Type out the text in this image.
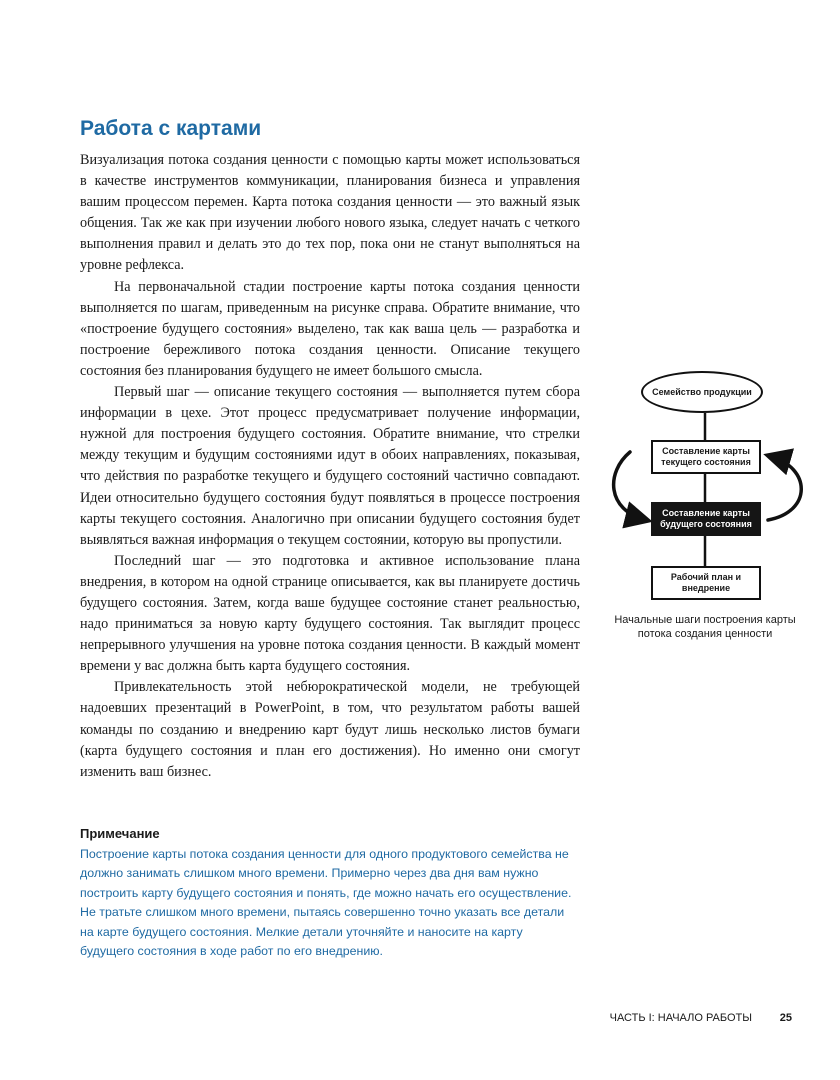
Работа с картами

Визуализация потока создания ценности с помощью карты может использоваться в качестве инструментов коммуникации, планирования бизнеса и управления вашим процессом перемен. Карта потока создания ценности — это важный язык общения. Так же как при изучении любого нового языка, следует начать с четкого выполнения правил и делать это до тех пор, пока они не станут выполняться на уровне рефлекса.

На первоначальной стадии построение карты потока создания ценности выполняется по шагам, приведенным на рисунке справа. Обратите внимание, что «построение будущего состояния» выделено, так как ваша цель — разработка и построение бережливого потока создания ценности. Описание текущего состояния без планирования будущего не имеет большого смысла.

Первый шаг — описание текущего состояния — выполняется путем сбора информации в цехе. Этот процесс предусматривает получение информации, нужной для построения будущего состояния. Обратите внимание, что стрелки между текущим и будущим состояниями идут в обоих направлениях, показывая, что действия по разработке текущего и будущего состояний частично совпадают. Идеи относительно будущего состояния будут появляться в процессе построения карты текущего состояния. Аналогично при описании будущего состояния будет выявляться важная информация о текущем состоянии, которую вы пропустили.

Последний шаг — это подготовка и активное использование плана внедрения, в котором на одной странице описывается, как вы планируете достичь будущего состояния. Затем, когда ваше будущее состояние станет реальностью, надо приниматься за новую карту будущего состояния. Так выглядит процесс непрерывного улучшения на уровне потока создания ценности. В каждый момент времени у вас должна быть карта будущего состояния.

Привлекательность этой небюрократической модели, не требующей надоевших презентаций в PowerPoint, в том, что результатом работы вашей команды по созданию и внедрению карт будут лишь несколько листов бумаги (карта будущего состояния и план его достижения). Но именно они смогут изменить ваш бизнес.

Семейство продукции
Составление карты текущего состояния
Составление карты будущего состояния
Рабочий план и внедрение
Начальные шаги построения карты потока создания ценности
Примечание

Построение карты потока создания ценности для одного продуктового семейства не должно занимать слишком много времени. Примерно через два дня вам нужно построить карту будущего состояния и понять, где можно начать его осуществление. Не тратьте слишком много времени, пытаясь совершенно точно указать все детали на карте будущего состояния. Мелкие детали уточняйте и наносите на карту будущего состояния в ходе работ по его внедрению.

ЧАСТЬ I: НАЧАЛО РАБОТЫ	25
